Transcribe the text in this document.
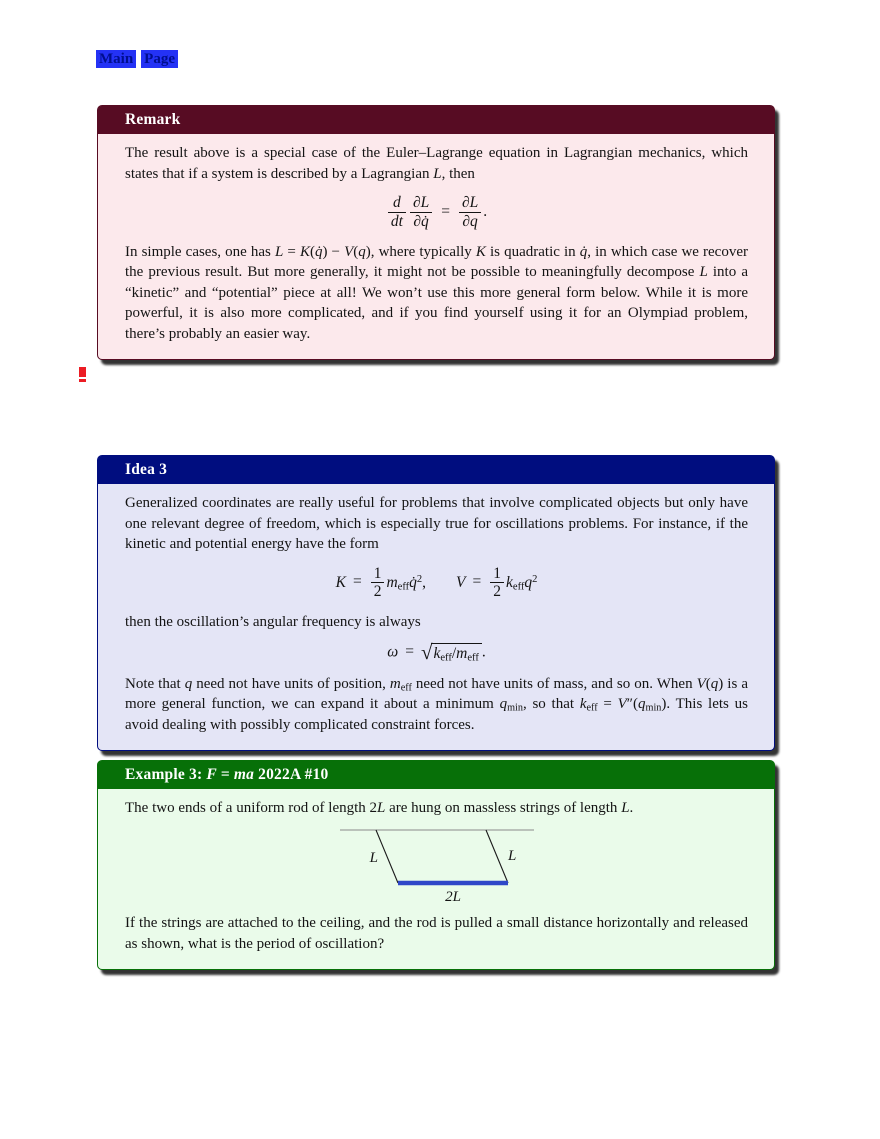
Main Page
Remark

The result above is a special case of the Euler–Lagrange equation in Lagrangian mechanics, which states that if a system is described by a Lagrangian L, then

$\frac{d}{dt} \frac{\partial L}{\partial q̇} = \frac{\partial L}{\partial q}$ .

In simple cases, one has L = K(q̇) − V(q), where typically K is quadratic in q̇, in which case we recover the previous result. But more generally, it might not be possible to meaningfully decompose L into a “kinetic” and “potential” piece at all! We won’t use this more general form below. While it is more powerful, it is also more complicated, and if you find yourself using it for an Olympiad problem, there’s probably an easier way.

Idea 3

Generalized coordinates are really useful for problems that involve complicated objects but only have one relevant degree of freedom, which is especially true for oscillations problems. For instance, if the kinetic and potential energy have the form

$K = \frac{1}{2}$ $m_{eff}q̇^2$, $V = \frac{1}{2} k_{eff}q^2$

then the oscillation’s angular frequency is always

ω = √ $k_{eff}/m_{eff}$ .

Note that q need not have units of position, $m_{eff}$ need not have units of mass, and so on. When V(q) is a more general function, we can expand it about a minimum $q_{min}$, so that $k_{eff} = V''(q_{min})$. This lets us avoid dealing with possibly complicated constraint forces.

Example 3: F = ma 2022A #10

The two ends of a uniform rod of length 2L are hung on massless strings of length L.

L	L
2L

If the strings are attached to the ceiling, and the rod is pulled a small distance horizontally and released as shown, what is the period of oscillation?
